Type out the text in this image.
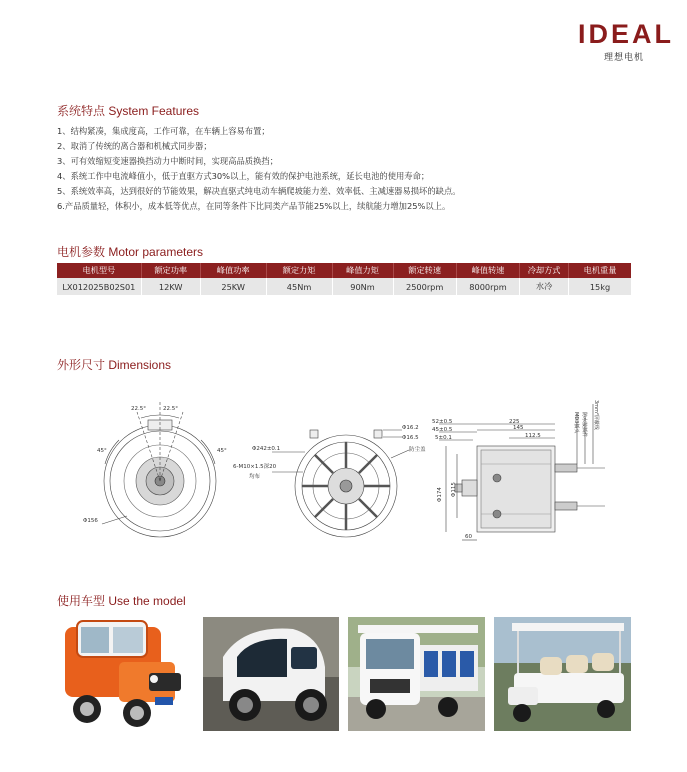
IDEAL
理想电机
系统特点 System Features
1、结构紧凑，集成度高，工作可靠，在车辆上容易布置；
2、取消了传统的离合器和机械式同步器；
3、可有效缩短变速器换挡动力中断时间，实现高品质换挡；
4、系统工作中电流峰值小，低于直驱方式30%以上，能有效的保护电池系统，延长电池的使用寿命；
5、系统效率高，达到很好的节能效果，解决直驱式纯电动车辆爬坡能力差、效率低、主减速器易损坏的缺点。
6.产品质量轻，体积小，成本低等优点，在同等条件下比同类产品节能25%以上，续航能力增加25%以上。
电机参数 Motor parameters
电机型号	额定功率	峰值功率	额定力矩	峰值力矩	额定转速	峰值转速	冷却方式	电机重量
LX012025B02S01	12KW	25KW	45Nm	90Nm	2500rpm	8000rpm	水冷	15kg
外形尺寸 Dimensions
22.5°	22.5°
45°	45°
Φ156
Φ242±0.1
6-M10×1.5深20
均布
Φ16.2
Φ16.5
防尘盖
52±0.5
45±0.5
5±0.1
225
145
112.5
Φ174 Φ115
60
MD3插头 防水接插件 3mm²屏蔽线
使用车型 Use the model
